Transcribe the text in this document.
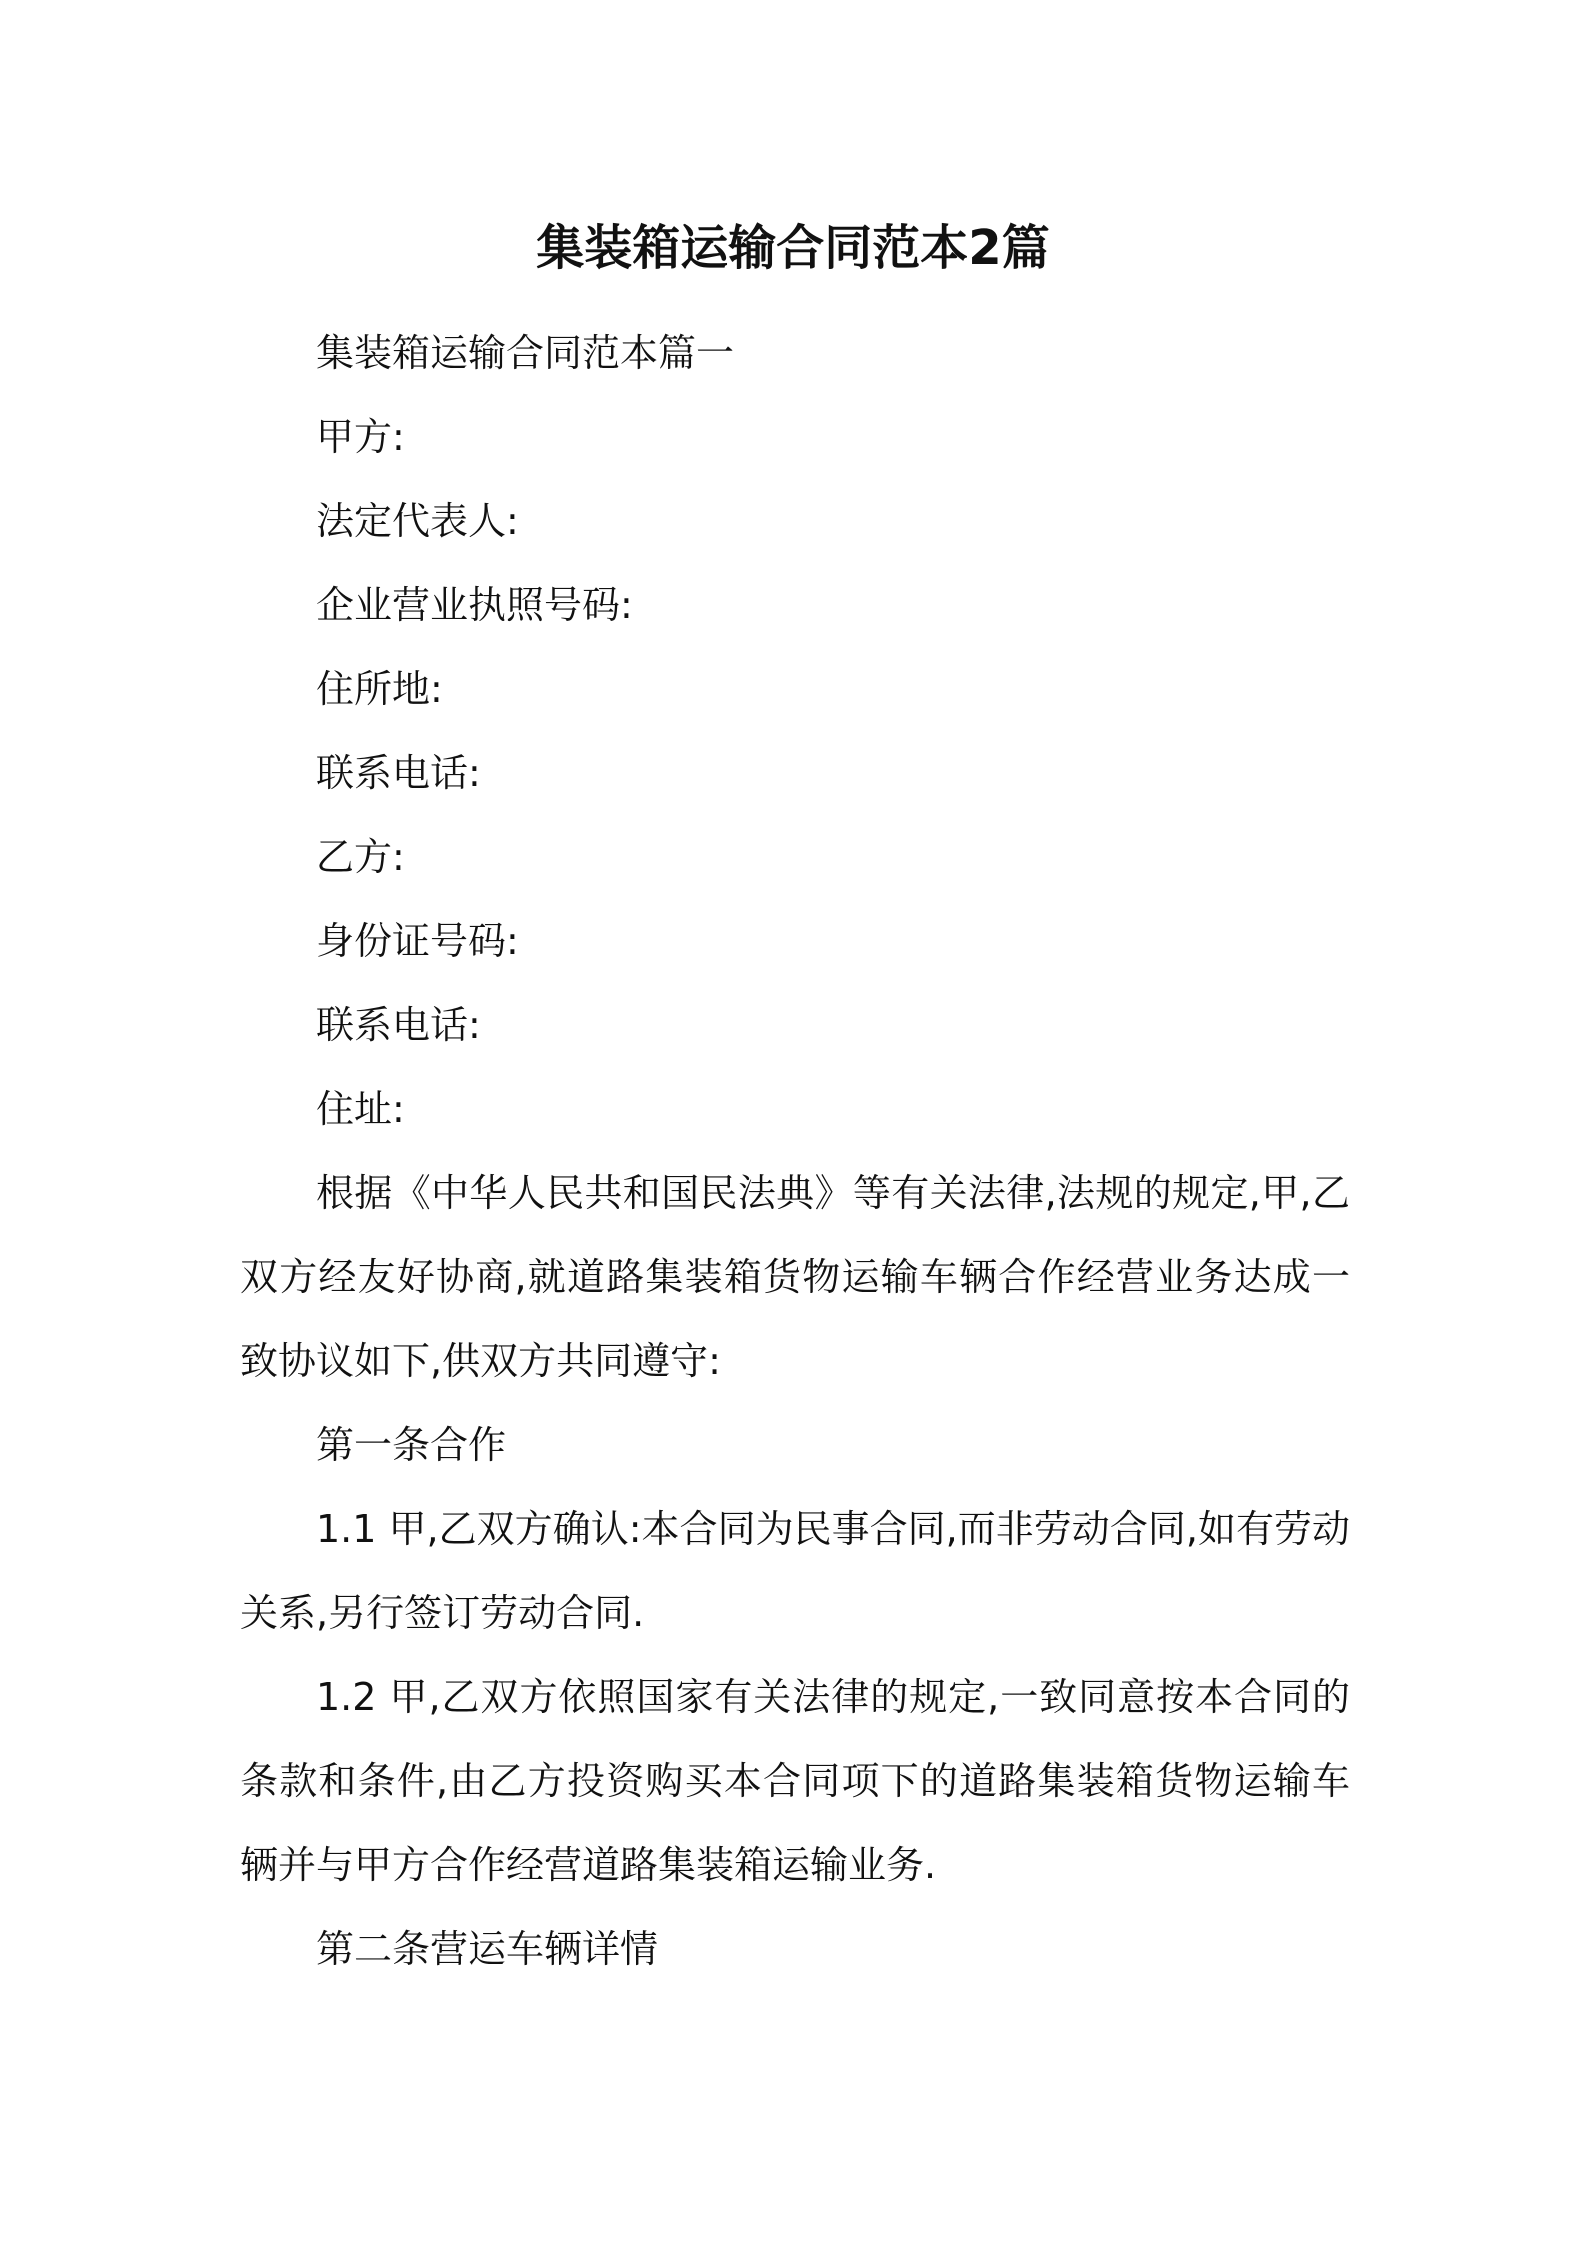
集装箱运输合同范本2篇
集装箱运输合同范本篇一
甲方:
法定代表人:
企业营业执照号码:
住所地:
联系电话:
乙方:
身份证号码:
联系电话:
住址:

根据《中华人民共和国民法典》等有关法律,法规的规定,甲,乙双方经友好协商,就道路集装箱货物运输车辆合作经营业务达成一致协议如下,供双方共同遵守:

第一条合作

1.1 甲,乙双方确认:本合同为民事合同,而非劳动合同,如有劳动关系,另行签订劳动合同.

1.2 甲,乙双方依照国家有关法律的规定,一致同意按本合同的条款和条件,由乙方投资购买本合同项下的道路集装箱货物运输车辆并与甲方合作经营道路集装箱运输业务.

第二条营运车辆详情
